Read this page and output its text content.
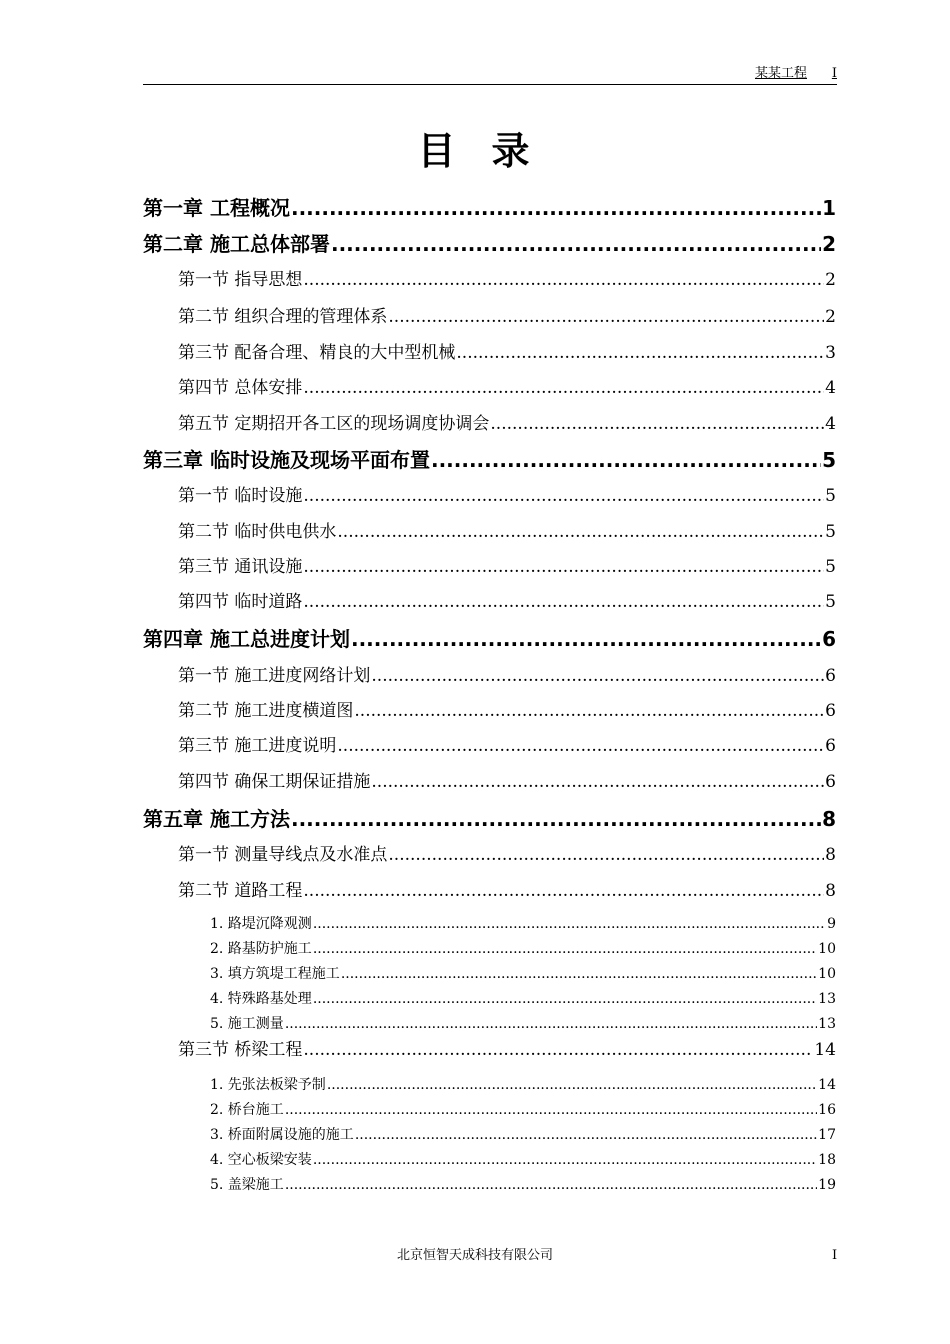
某某工程 I
目录
第一章 工程概况 .....	1
第二章 施工总体部署 .....	2
第一节 指导思想 .....	2
第二节 组织合理的管理体系 .....	2
第三节 配备合理、精良的大中型机械 .....	3
第四节 总体安排 .....	4
第五节 定期招开各工区的现场调度协调会 .....	4
第三章 临时设施及现场平面布置 .....	5
第一节 临时设施 .....	5
第二节 临时供电供水 .....	5
第三节 通讯设施 .....	5
第四节 临时道路 .....	5
第四章 施工总进度计划 .....	6
第一节 施工进度网络计划 .....	6
第二节 施工进度横道图 .....	6
第三节 施工进度说明 .....	6
第四节 确保工期保证措施 .....	6
第五章 施工方法 .....	8
第一节 测量导线点及水准点 .....	8
第二节 道路工程 .....	8
1. 路堤沉降观测 .....	9
2. 路基防护施工 .....	10
3. 填方筑堤工程施工 .....	10
4. 特殊路基处理 .....	13
5. 施工测量 .....	13
第三节 桥梁工程 .....	14
1. 先张法板梁予制 .....	14
2. 桥台施工 .....	16
3. 桥面附属设施的施工 .....	17
4. 空心板梁安装 .....	18
5. 盖梁施工 .....	19
北京恒智天成科技有限公司	I
